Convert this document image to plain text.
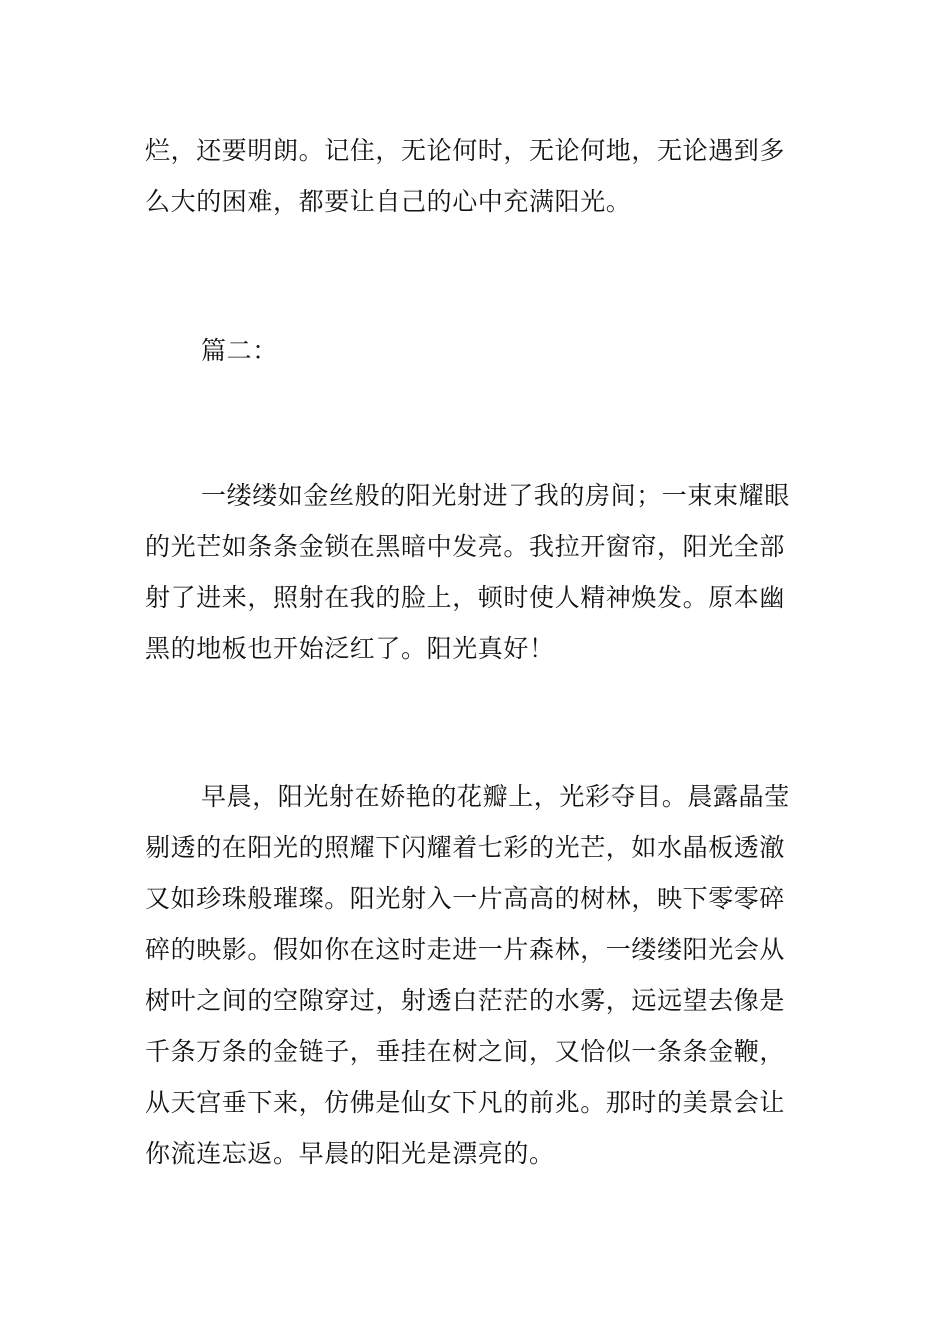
烂，还要明朗。记住，无论何时，无论何地，无论遇到多
么大的困难，都要让自己的心中充满阳光。

篇二：

一缕缕如金丝般的阳光射进了我的房间；一束束耀眼
的光芒如条条金锁在黑暗中发亮。我拉开窗帘，阳光全部
射了进来，照射在我的脸上，顿时使人精神焕发。原本幽
黑的地板也开始泛红了。阳光真好！

早晨，阳光射在娇艳的花瓣上，光彩夺目。晨露晶莹
剔透的在阳光的照耀下闪耀着七彩的光芒，如水晶板透澈
又如珍珠般璀璨。阳光射入一片高高的树林，映下零零碎
碎的映影。假如你在这时走进一片森林，一缕缕阳光会从
树叶之间的空隙穿过，射透白茫茫的水雾，远远望去像是
千条万条的金链子，垂挂在树之间，又恰似一条条金鞭，
从天宫垂下来，仿佛是仙女下凡的前兆。那时的美景会让
你流连忘返。早晨的阳光是漂亮的。
